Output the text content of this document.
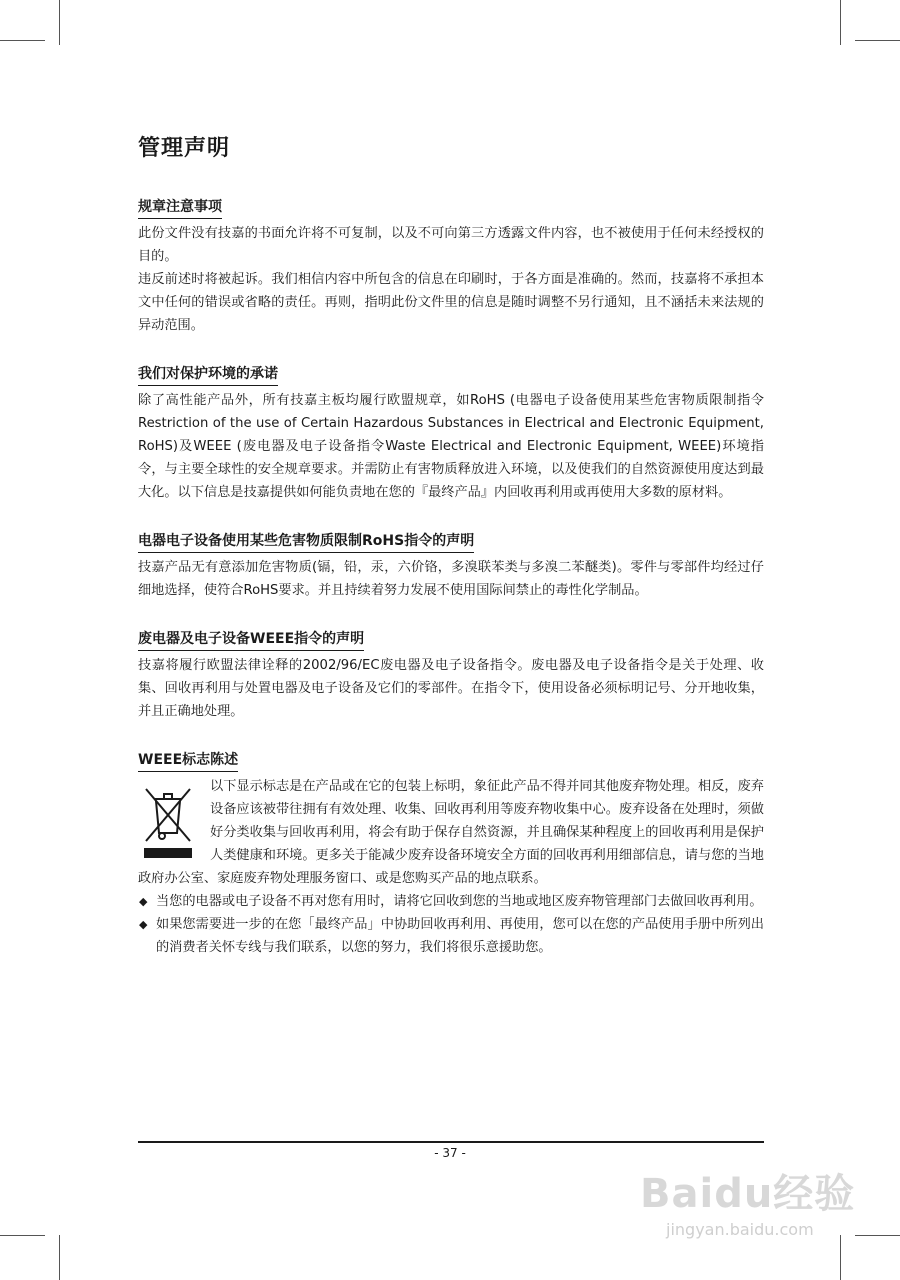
管理声明
规章注意事项

此份文件没有技嘉的书面允许将不可复制，以及不可向第三方透露文件内容，也不被使用于任何未经授权的目的。

违反前述时将被起诉。我们相信内容中所包含的信息在印刷时，于各方面是准确的。然而，技嘉将不承担本文中任何的错误或省略的责任。再则，指明此份文件里的信息是随时调整不另行通知，且不涵括未来法规的异动范围。

我们对保护环境的承诺

除了高性能产品外，所有技嘉主板均履行欧盟规章，如RoHS (电器电子设备使用某些危害物质限制指令 Restriction of the use of Certain Hazardous Substances in Electrical and Electronic Equipment, RoHS)及WEEE (废电器及电子设备指令Waste Electrical and Electronic Equipment, WEEE)环境指令，与主要全球性的安全规章要求。并需防止有害物质释放进入环境，以及使我们的自然资源使用度达到最大化。以下信息是技嘉提供如何能负责地在您的『最终产品』内回收再利用或再使用大多数的原材料。

电器电子设备使用某些危害物质限制RoHS指令的声明

技嘉产品无有意添加危害物质(镉，铅，汞，六价铬，多溴联苯类与多溴二苯醚类)。零件与零部件均经过仔细地选择，使符合RoHS要求。并且持续着努力发展不使用国际间禁止的毒性化学制品。

废电器及电子设备WEEE指令的声明

技嘉将履行欧盟法律诠释的2002/96/EC废电器及电子设备指令。废电器及电子设备指令是关于处理、收集、回收再利用与处置电器及电子设备及它们的零部件。在指令下，使用设备必须标明记号、分开地收集，并且正确地处理。

WEEE标志陈述

以下显示标志是在产品或在它的包装上标明，象征此产品不得并同其他废弃物处理。相反，废弃设备应该被带往拥有有效处理、收集、回收再利用等废弃物收集中心。废弃设备在处理时，须做好分类收集与回收再利用，将会有助于保存自然资源，并且确保某种程度上的回收再利用是保护人类健康和环境。更多关于能减少废弃设备环境安全方面的回收再利用细部信息，请与您的当地政府办公室、家庭废弃物处理服务窗口、或是您购买产品的地点联系。

◆ 当您的电器或电子设备不再对您有用时，请将它回收到您的当地或地区废弃物管理部门去做回收再利用。
◆ 如果您需要进一步的在您「最终产品」中协助回收再利用、再使用，您可以在您的产品使用手册中所列出的消费者关怀专线与我们联系，以您的努力，我们将很乐意援助您。
- 37 -
Baidu经验
jingyan.baidu.com
